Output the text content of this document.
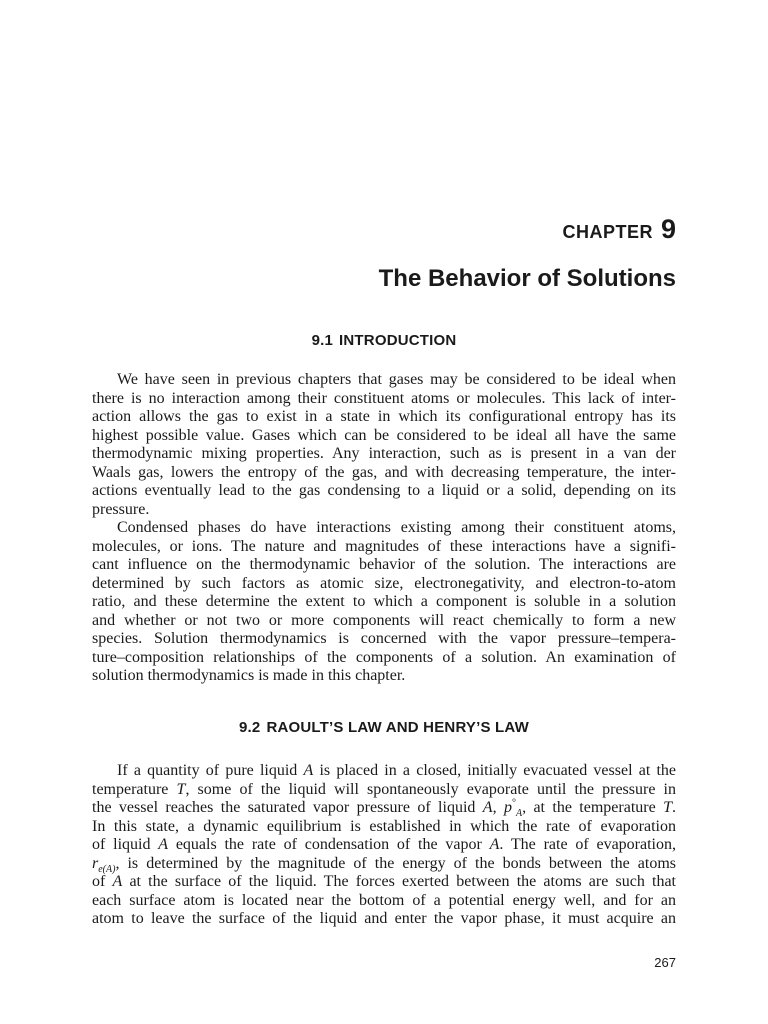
CHAPTER 9
The Behavior of Solutions
9.1 INTRODUCTION
We have seen in previous chapters that gases may be considered to be ideal when
there is no interaction among their constituent atoms or molecules. This lack of inter-
action allows the gas to exist in a state in which its configurational entropy has its
highest possible value. Gases which can be considered to be ideal all have the same
thermodynamic mixing properties. Any interaction, such as is present in a van der
Waals gas, lowers the entropy of the gas, and with decreasing temperature, the inter-
actions eventually lead to the gas condensing to a liquid or a solid, depending on its
pressure.
Condensed phases do have interactions existing among their constituent atoms,
molecules, or ions. The nature and magnitudes of these interactions have a signifi-
cant influence on the thermodynamic behavior of the solution. The interactions are
determined by such factors as atomic size, electronegativity, and electron-to-atom
ratio, and these determine the extent to which a component is soluble in a solution
and whether or not two or more components will react chemically to form a new
species. Solution thermodynamics is concerned with the vapor pressure–tempera-
ture–composition relationships of the components of a solution. An examination of
solution thermodynamics is made in this chapter.
9.2 RAOULT’S LAW AND HENRY’S LAW
If a quantity of pure liquid A is placed in a closed, initially evacuated vessel at the
temperature T, some of the liquid will spontaneously evaporate until the pressure in
the vessel reaches the saturated vapor pressure of liquid A, $p^\circ_A$, at the temperature T.
In this state, a dynamic equilibrium is established in which the rate of evaporation
of liquid A equals the rate of condensation of the vapor A. The rate of evaporation,
$r_{e(A)}$, is determined by the magnitude of the energy of the bonds between the atoms
of A at the surface of the liquid. The forces exerted between the atoms are such that
each surface atom is located near the bottom of a potential energy well, and for an
atom to leave the surface of the liquid and enter the vapor phase, it must acquire an
267
